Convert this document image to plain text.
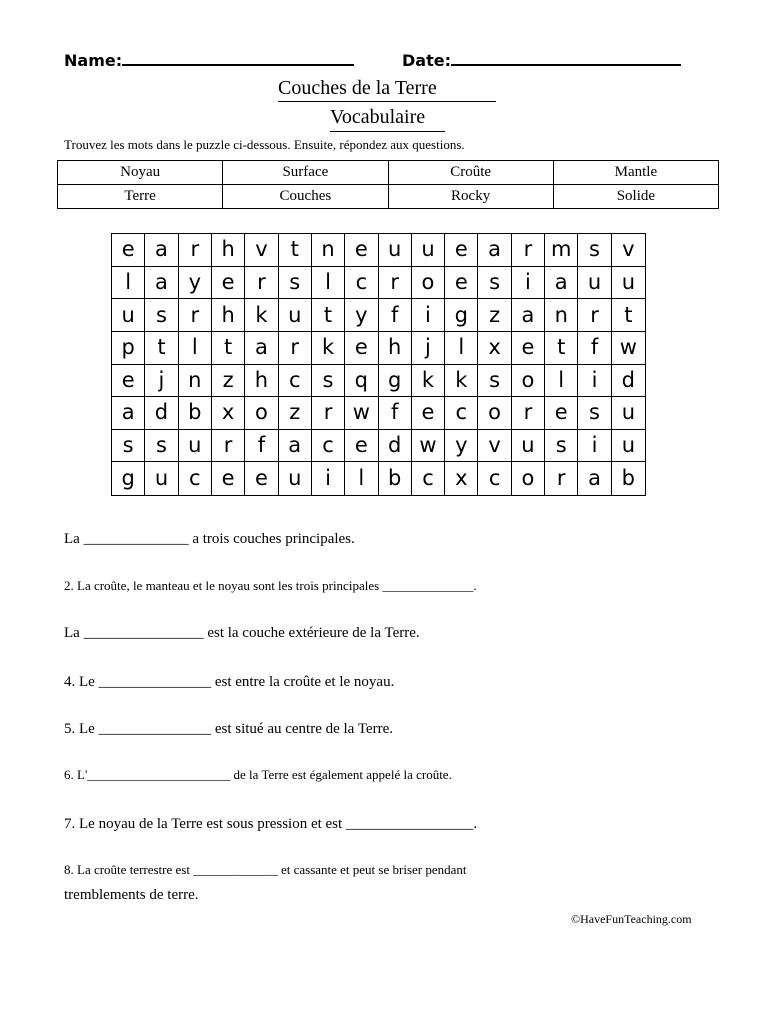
Name:	Date:
Couches de la Terre
Vocabulaire
Trouvez les mots dans le puzzle ci-dessous. Ensuite, répondez aux questions.
Noyau	Surface	Croûte	Mantle
Terre	Couches	Rocky	Solide
e a	r	h v	t	n e u u e a	r m s	v
l	a y e	r	s	l	c	r	o e	s	i	a u u
u	s	r	h k u	t	y	f	i	g	z	a n	r	t
p	t	l	t	a	r	k e h	j	l	x e	t	f	w
e	j	n	z	h c	s	q g k	k	s	o	l	i	d
a d b x o	z	r w	f	e	c	o	r	e	s	u
s	s	u	r	f	a	c	e d w y v u	s	i	u
g u c	e e u	i	l	b c	x	c	o	r	a b
La ______________ a trois couches principales.
2. La croûte, le manteau et le noyau sont les trois principales ______________.
La ________________ est la couche extérieure de la Terre.
4. Le _______________ est entre la croûte et le noyau.
5. Le _______________ est situé au centre de la Terre.
6. L'______________________ de la Terre est également appelé la croûte.
7. Le noyau de la Terre est sous pression et est _________________.
8. La croûte terrestre est _____________ et cassante et peut se briser pendant
tremblements de terre.
©HaveFunTeaching.com
